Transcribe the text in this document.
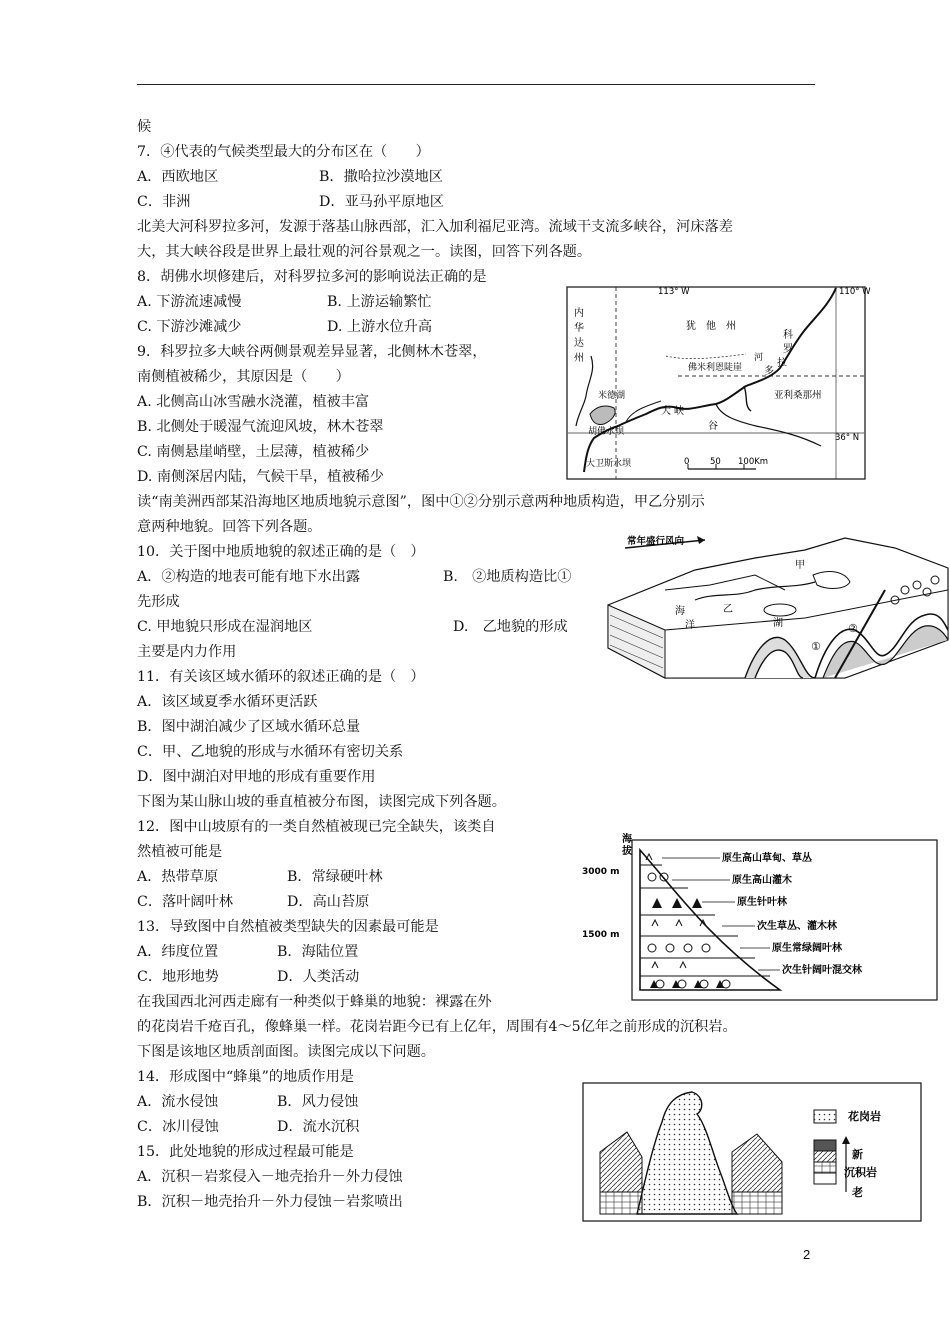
候
7．④代表的气候类型最大的分布区在（　　）
A．西欧地区	B．撒哈拉沙漠地区
C．非洲	D．亚马孙平原地区
北美大河科罗拉多河，发源于落基山脉西部，汇入加利福尼亚湾。流域干支流多峡谷，河床落差
大，其大峡谷段是世界上最壮观的河谷景观之一。读图，回答下列各题。
8．胡佛水坝修建后，对科罗拉多河的影响说法正确的是
A. 下游流速减慢	B. 上游运输繁忙
C. 下游沙滩减少	D. 上游水位升高
9．科罗拉多大峡谷两侧景观差异显著，北侧林木苍翠，
南侧植被稀少，其原因是（　　）
A. 北侧高山冰雪融水浇灌，植被丰富
B. 北侧处于暖湿气流迎风坡，林木苍翠
C. 南侧悬崖峭壁，土层薄，植被稀少
D. 南侧深居内陆，气候干旱，植被稀少
读“南美洲西部某沿海地区地质地貌示意图”，图中①②分别示意两种地质构造，甲乙分别示
意两种地貌。回答下列各题。
10．关于图中地质地貌的叙述正确的是（　）
A．②构造的地表可能有地下水出露	B.　②地质构造比①
先形成
C. 甲地貌只形成在湿润地区	D.　乙地貌的形成
主要是内力作用
11．有关该区域水循环的叙述正确的是（　）
A．该区域夏季水循环更活跃
B．图中湖泊减少了区域水循环总量
C．甲、乙地貌的形成与水循环有密切关系
D．图中湖泊对甲地的形成有重要作用
下图为某山脉山坡的垂直植被分布图，读图完成下列各题。
12．图中山坡原有的一类自然植被现已完全缺失，该类自
然植被可能是
A．热带草原	B．常绿硬叶林
C．落叶阔叶林	D．高山苔原
13．导致图中自然植被类型缺失的因素最可能是
A．纬度位置	B．海陆位置
C．地形地势	D．人类活动
在我国西北河西走廊有一种类似于蜂巢的地貌：裸露在外
的花岗岩千疮百孔，像蜂巢一样。花岗岩距今已有上亿年，周围有4～5亿年之前形成的沉积岩。
下图是该地区地质剖面图。读图完成以下问题。
14．形成图中“蜂巢”的地质作用是
A．流水侵蚀	B．风力侵蚀
C．冰川侵蚀	D．流水沉积
15．此处地貌的形成过程最可能是
A．沉积－岩浆侵入－地壳抬升－外力侵蚀
B．沉积－地壳抬升－外力侵蚀－岩浆喷出
113° W	110° W
36° N
犹　他　州
内
华
达
州
科
罗
拉
多
河
佛米利恩陡崖
亚利桑那州
米德湖
胡佛水坝
大卫斯水坝
大 峡
谷
0 50 100Km
常年盛行风向
甲
乙
海
洋	湖
①
②
海
拔
3000 m
1500 m
原生高山草甸、草丛
原生高山灌木
原生针叶林
次生草丛、灌木林
原生常绿阔叶林
次生针阔叶混交林
花岗岩
新
沉积岩
老
2
